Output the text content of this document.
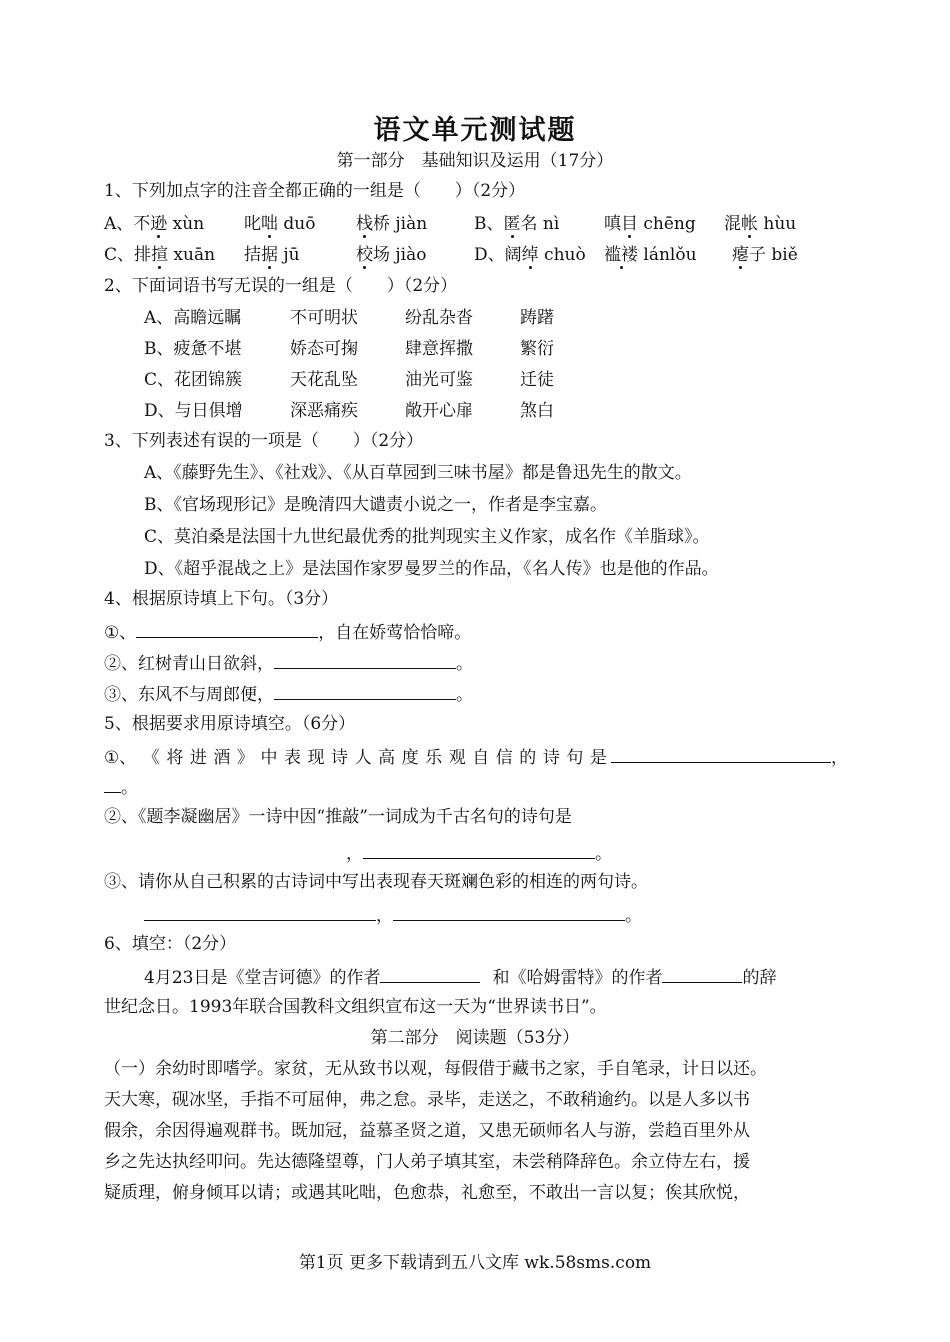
语文单元测试题
第一部分　基础知识及运用（17分）
1、下列加点字的注音全都正确的一组是（　　）（2分）
A、不逊 xùn 叱咄 duō 栈桥 jiàn	B、匿名 nì	嗔目 chēng 混帐 hùu
C、排揎 xuān 拮据 jū	校场 jiào	D、阔绰 chuò 褴褛 lánlǒu 瘪子 biě
2、下面词语书写无误的一组是（　　）（2分）
A、高瞻远瞩	不可明状	纷乱杂沓	踌躇
B、疲惫不堪	娇态可掬	肆意挥撒	繁衍
C、花团锦簇	天花乱坠	油光可鉴	迁徒
D、与日俱增	深恶痛疾	敞开心扉	煞白
3、下列表述有误的一项是（　　）（2分）
A、《藤野先生》、《社戏》、《从百草园到三味书屋》都是鲁迅先生的散文。
B、《官场现形记》是晚清四大谴责小说之一，作者是李宝嘉。
C、莫泊桑是法国十九世纪最优秀的批判现实主义作家，成名作《羊脂球》。
D、《超乎混战之上》是法国作家罗曼罗兰的作品，《名人传》也是他的作品。
4、根据原诗填上下句。（3分）
①、	，自在娇莺恰恰啼。
②、红树青山日欲斜，	。
③、东风不与周郎便，	。
5、根据要求用原诗填空。（6分）
①、 《 将 进 酒 》 中 表 现 诗 人 高 度 乐 观 自 信 的 诗 句 是	，
。
②、《题李凝幽居》一诗中因“推敲”一词成为千古名句的诗句是
，	。
③、请你从自己积累的古诗词中写出表现春天斑斓色彩的相连的两句诗。
，	。
6、填空：（2分）
4月23日是《堂吉诃德》的作者	和《哈姆雷特》的作者	的辞
世纪念日。1993年联合国教科文组织宣布这一天为“世界读书日”。
第二部分　阅读题（53分）
（一）余幼时即嗜学。家贫，无从致书以观，每假借于藏书之家，手自笔录，计日以还。
天大寒，砚冰坚，手指不可屈伸，弗之怠。录毕，走送之，不敢稍逾约。以是人多以书
假余，余因得遍观群书。既加冠，益慕圣贤之道，又患无硕师名人与游，尝趋百里外从
乡之先达执经叩问。先达德隆望尊，门人弟子填其室，未尝稍降辞色。余立侍左右，援
疑质理，俯身倾耳以请；或遇其叱咄，色愈恭，礼愈至，不敢出一言以复；俟其欣悦，
第1页 更多下载请到五八文库 wk.58sms.com
